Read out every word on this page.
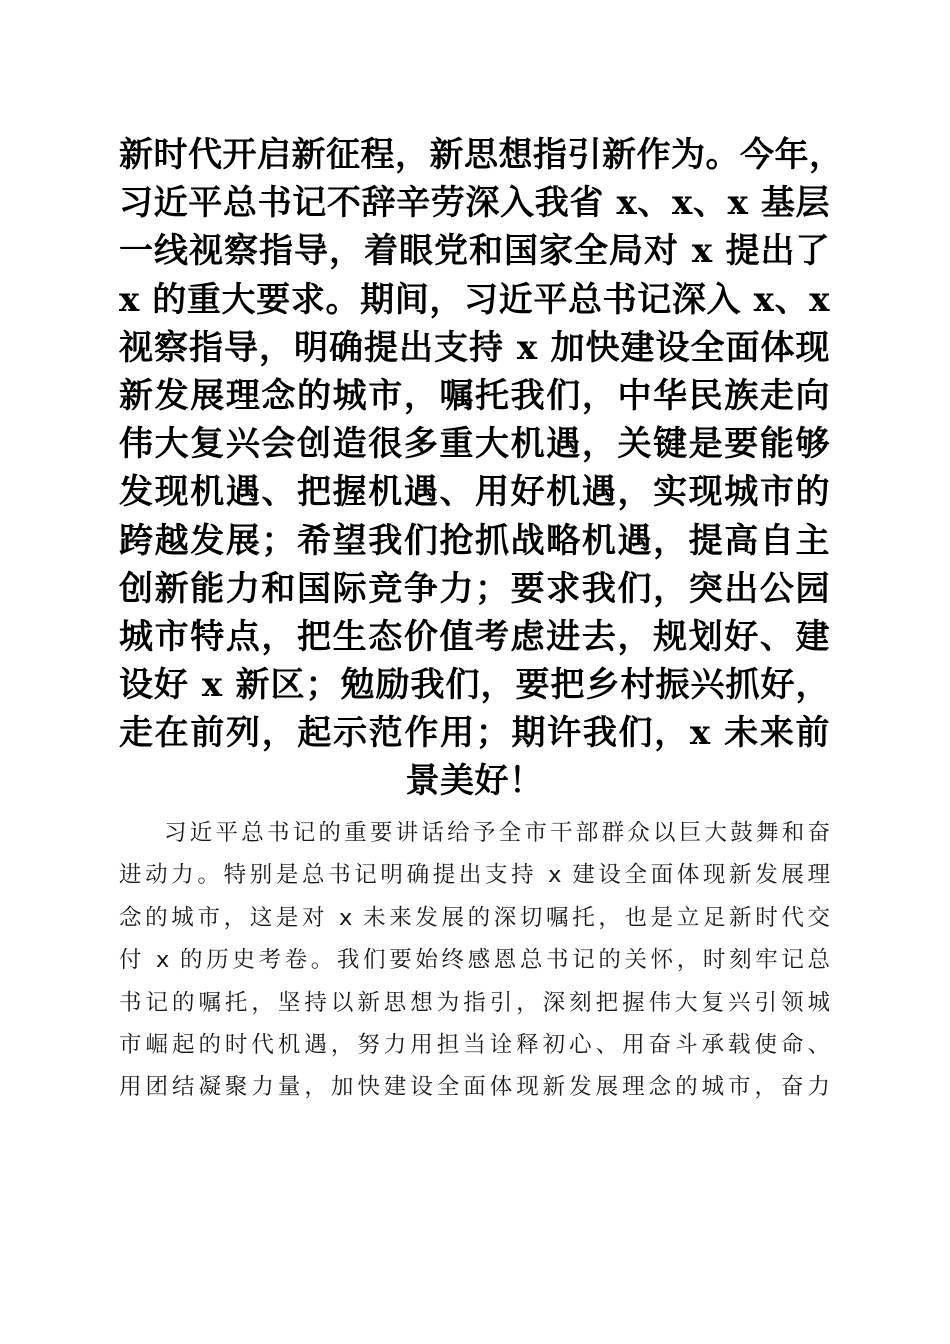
新时代开启新征程，新思想指引新作为。今年，
习近平总书记不辞辛劳深入我省 x、x、x 基层
一线视察指导，着眼党和国家全局对 x 提出了
x 的重大要求。期间，习近平总书记深入 x、x
视察指导，明确提出支持 x 加快建设全面体现
新发展理念的城市，嘱托我们，中华民族走向
伟大复兴会创造很多重大机遇，关键是要能够
发现机遇、把握机遇、用好机遇，实现城市的
跨越发展；希望我们抢抓战略机遇，提高自主
创新能力和国际竞争力；要求我们，突出公园
城市特点，把生态价值考虑进去，规划好、建
设好 x 新区；勉励我们，要把乡村振兴抓好，
走在前列，起示范作用；期许我们，x 未来前
景美好！
习近平总书记的重要讲话给予全市干部群众以巨大鼓舞和奋
进动力。特别是总书记明确提出支持 x 建设全面体现新发展理
念的城市，这是对 x 未来发展的深切嘱托，也是立足新时代交
付 x 的历史考卷。我们要始终感恩总书记的关怀，时刻牢记总
书记的嘱托，坚持以新思想为指引，深刻把握伟大复兴引领城
市崛起的时代机遇，努力用担当诠释初心、用奋斗承载使命、
用团结凝聚力量，加快建设全面体现新发展理念的城市，奋力
